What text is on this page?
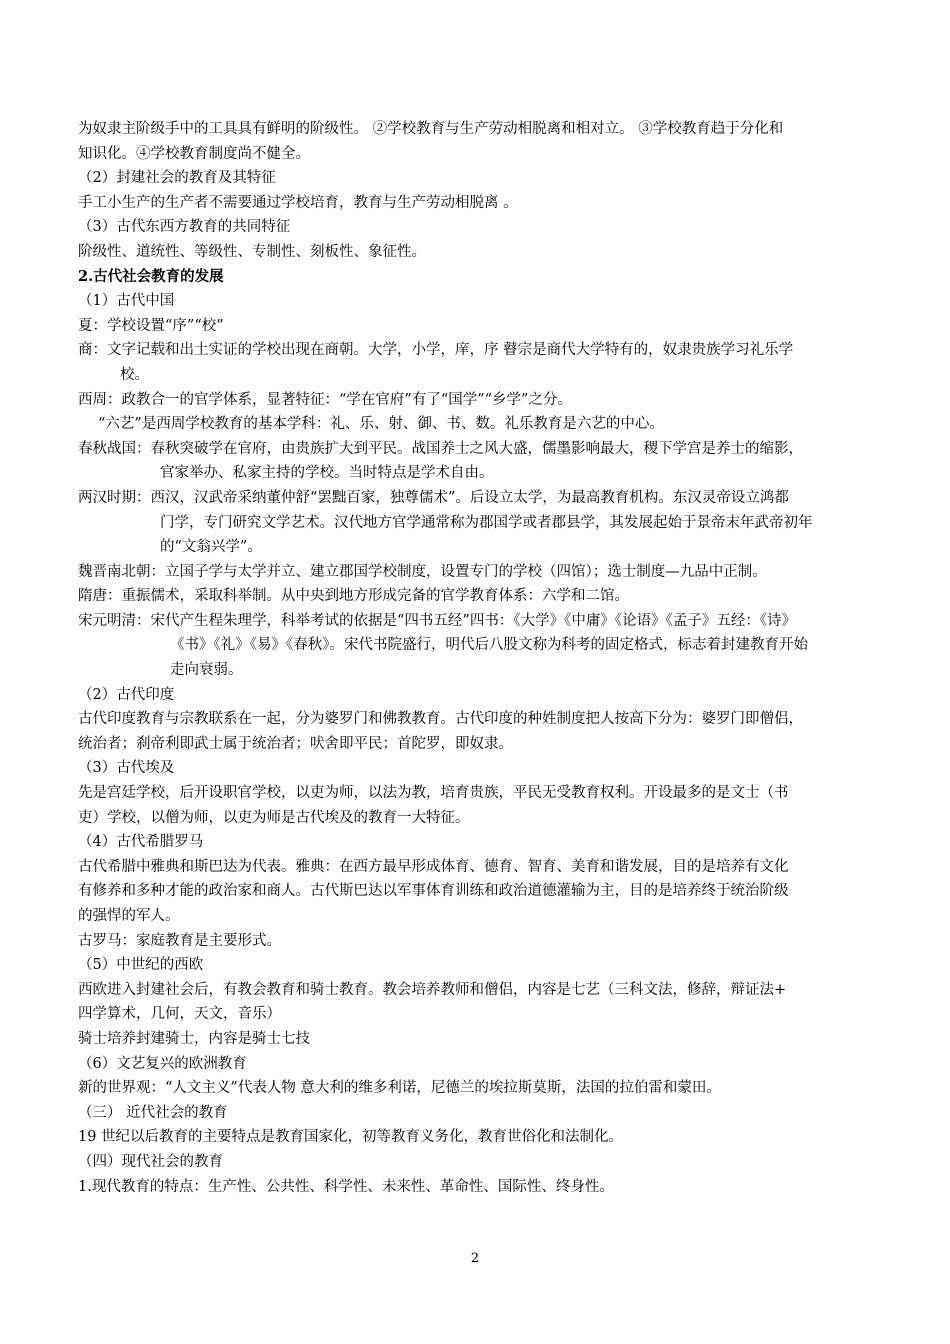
为奴隶主阶级手中的工具具有鲜明的阶级性。 ②学校教育与生产劳动相脱离和相对立。 ③学校教育趋于分化和
知识化。④学校教育制度尚不健全。
（2）封建社会的教育及其特征
手工小生产的生产者不需要通过学校培育，教育与生产劳动相脱离 。
（3）古代东西方教育的共同特征
阶级性、道统性、等级性、专制性、刻板性、象征性。
2.古代社会教育的发展
（1）古代中国
夏：学校设置“序”“校”
商：文字记载和出土实证的学校出现在商朝。大学，小学，庠，序 瞽宗是商代大学特有的，奴隶贵族学习礼乐学
校。
西周：政教合一的官学体系，显著特征：“学在官府”有了“国学”“乡学”之分。
“六艺”是西周学校教育的基本学科：礼、乐、射、御、书、数。礼乐教育是六艺的中心。
春秋战国：春秋突破学在官府，由贵族扩大到平民。战国养士之风大盛，儒墨影响最大，稷下学宫是养士的缩影，
官家举办、私家主持的学校。当时特点是学术自由。
两汉时期：西汉，汉武帝采纳董仲舒“罢黜百家，独尊儒术”。后设立太学，为最高教育机构。东汉灵帝设立鸿都
门学，专门研究文学艺术。汉代地方官学通常称为郡国学或者郡县学，其发展起始于景帝末年武帝初年
的“文翁兴学”。
魏晋南北朝：立国子学与太学并立、建立郡国学校制度，设置专门的学校（四馆）；选士制度—九品中正制。
隋唐：重振儒术，采取科举制。从中央到地方形成完备的官学教育体系：六学和二馆。
宋元明清：宋代产生程朱理学，科举考试的依据是“四书五经”四书：《大学》《中庸》《论语》《孟子》五经：《诗》
《书》《礼》《易》《春秋》。宋代书院盛行，明代后八股文称为科考的固定格式，标志着封建教育开始
走向衰弱。
（2）古代印度
古代印度教育与宗教联系在一起，分为婆罗门和佛教教育。古代印度的种姓制度把人按高下分为：婆罗门即僧侣，
统治者；刹帝利即武士属于统治者；吠舍即平民；首陀罗，即奴隶。
（3）古代埃及
先是宫廷学校，后开设职官学校，以吏为师，以法为教，培育贵族，平民无受教育权利。开设最多的是文士（书
吏）学校，以僧为师，以吏为师是古代埃及的教育一大特征。
（4）古代希腊罗马
古代希腊中雅典和斯巴达为代表。雅典：在西方最早形成体育、德育、智育、美育和谐发展，目的是培养有文化
有修养和多种才能的政治家和商人。古代斯巴达以军事体育训练和政治道德灌输为主，目的是培养终于统治阶级
的强悍的军人。
古罗马：家庭教育是主要形式。
（5）中世纪的西欧
西欧进入封建社会后，有教会教育和骑士教育。教会培养教师和僧侣，内容是七艺（三科文法，修辞，辩证法+
四学算术，几何，天文，音乐）
骑士培养封建骑士，内容是骑士七技
（6）文艺复兴的欧洲教育
新的世界观：“人文主义”代表人物 意大利的维多利诺，尼德兰的埃拉斯莫斯，法国的拉伯雷和蒙田。
（三） 近代社会的教育
19 世纪以后教育的主要特点是教育国家化，初等教育义务化，教育世俗化和法制化。
（四）现代社会的教育
1.现代教育的特点：生产性、公共性、科学性、未来性、革命性、国际性、终身性。
2
